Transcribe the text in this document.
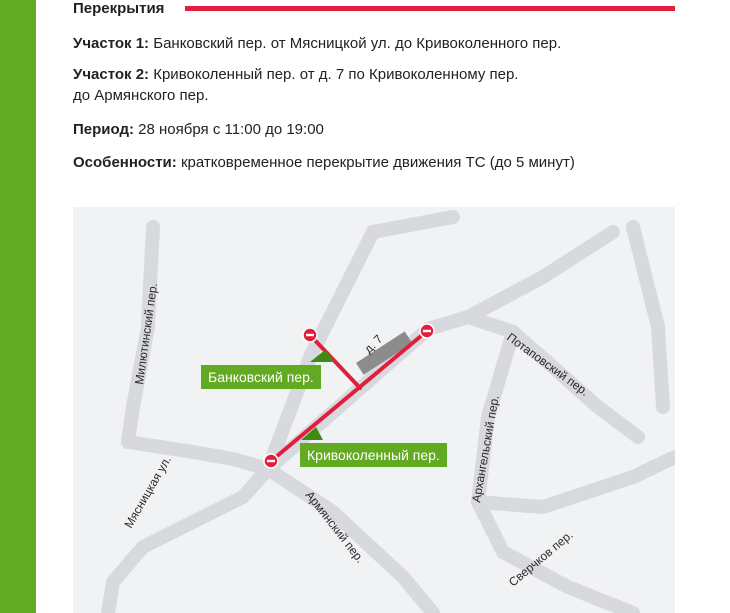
Перекрытия
Участок 1: Банковский пер. от Мясницкой ул. до Кривоколенного пер.
Участок 2: Кривоколенный пер. от д. 7 по Кривоколенному пер.
до Армянского пер.
Период: 28 ноября с 11:00 до 19:00
Особенности: кратковременное перекрытие движения ТС (до 5 минут)
д. 7
Милютинский пер.
Мясницкая ул.	Армянский пер.
Архангельский пер.
Потаповский пер.
Сверчков пер.
Банковский пер.
Кривоколенный пер.
